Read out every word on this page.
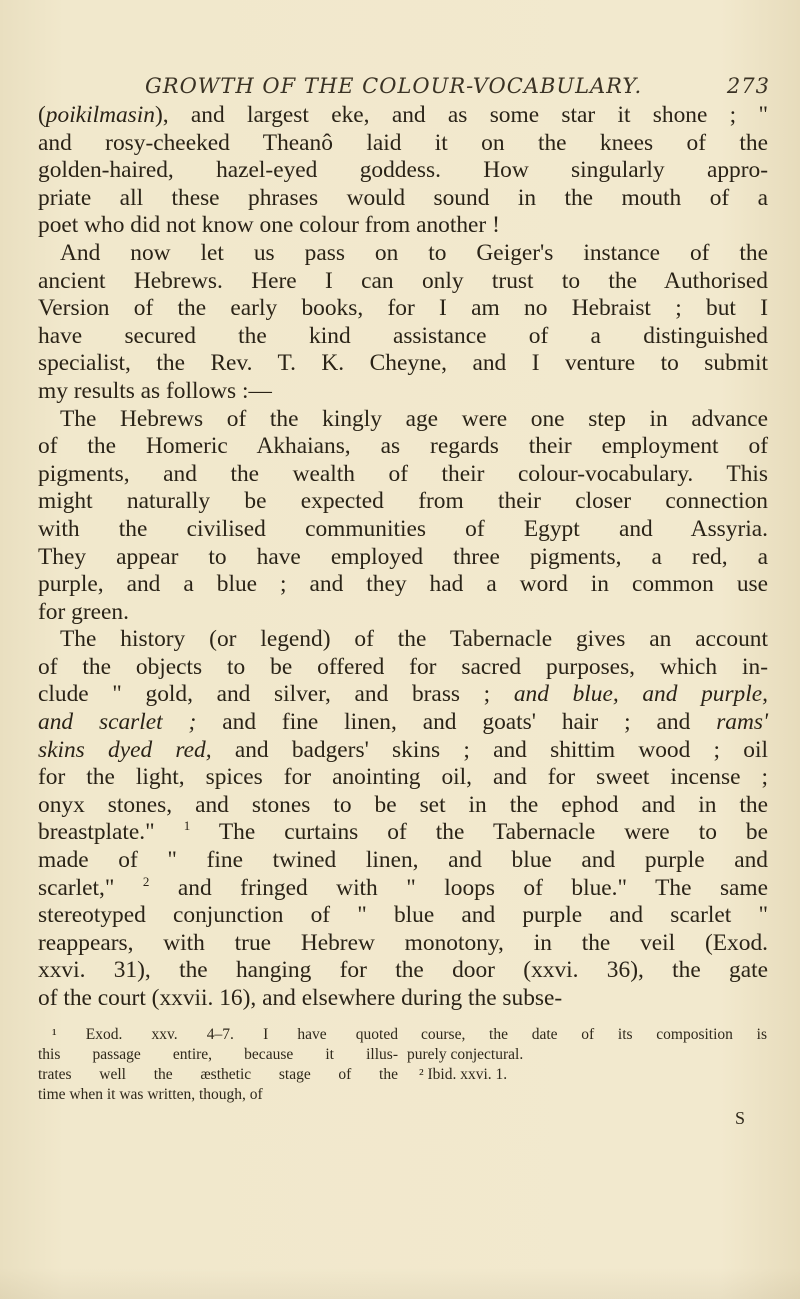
GROWTH OF THE COLOUR-VOCABULARY.	273
(poikilmasin), and largest eke, and as some star it shone ; "
and rosy-cheeked Theanô laid it on the knees of the
golden-haired, hazel-eyed goddess. How singularly appro-
priate all these phrases would sound in the mouth of a
poet who did not know one colour from another !
And now let us pass on to Geiger's instance of the
ancient Hebrews. Here I can only trust to the Authorised
Version of the early books, for I am no Hebraist ; but I
have secured the kind assistance of a distinguished
specialist, the Rev. T. K. Cheyne, and I venture to submit
my results as follows :—
The Hebrews of the kingly age were one step in advance
of the Homeric Akhaians, as regards their employment of
pigments, and the wealth of their colour-vocabulary. This
might naturally be expected from their closer connection
with the civilised communities of Egypt and Assyria.
They appear to have employed three pigments, a red, a
purple, and a blue ; and they had a word in common use
for green.
The history (or legend) of the Tabernacle gives an account
of the objects to be offered for sacred purposes, which in-
clude " gold, and silver, and brass ; and blue, and purple,
and scarlet ; and fine linen, and goats' hair ; and rams'
skins dyed red, and badgers' skins ; and shittim wood ; oil
for the light, spices for anointing oil, and for sweet incense ;
onyx stones, and stones to be set in the ephod and in the
breastplate." $^1$ The curtains of the Tabernacle were to be
made of " fine twined linen, and blue and purple and
scarlet," $^2$ and fringed with " loops of blue." The same
stereotyped conjunction of " blue and purple and scarlet "
reappears, with true Hebrew monotony, in the veil (Exod.
xxvi. 31), the hanging for the door (xxvi. 36), the gate
of the court (xxvii. 16), and elsewhere during the subse-
¹ Exod. xxv. 4–7. I have quoted
this passage entire, because it illus-
trates well the æsthetic stage of the
time when it was written, though, of
course, the date of its composition is
purely conjectural.
² Ibid. xxvi. 1.
S
